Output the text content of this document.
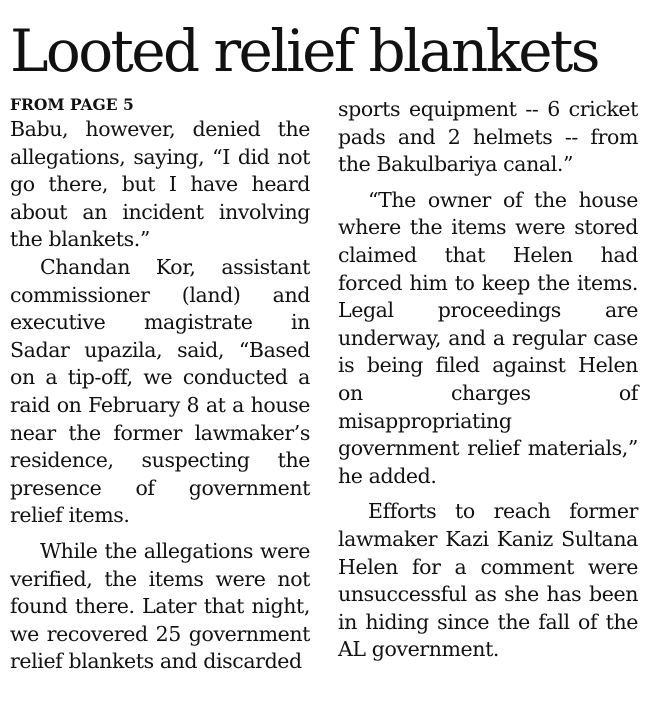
Looted relief blankets
FROM PAGE 5

Babu, however, denied the allegations, saying, “I did not go there, but I have heard about an incident involving the blankets.”

Chandan Kor, assistant commissioner (land) and executive magistrate in Sadar upazila, said, “Based on a tip-off, we conducted a raid on February 8 at a house near the former lawmaker’s residence, suspecting the presence of government relief items.

While the allegations were verified, the items were not found there. Later that night, we recovered 25 government relief blankets and discarded

sports equipment -- 6 cricket pads and 2 helmets -- from the Bakulbariya canal.”

“The owner of the house where the items were stored claimed that Helen had forced him to keep the items. Legal proceedings are underway, and a regular case is being filed against Helen on charges of misappropriating government relief materials,” he added.

Efforts to reach former lawmaker Kazi Kaniz Sultana Helen for a comment were unsuccessful as she has been in hiding since the fall of the AL government.
